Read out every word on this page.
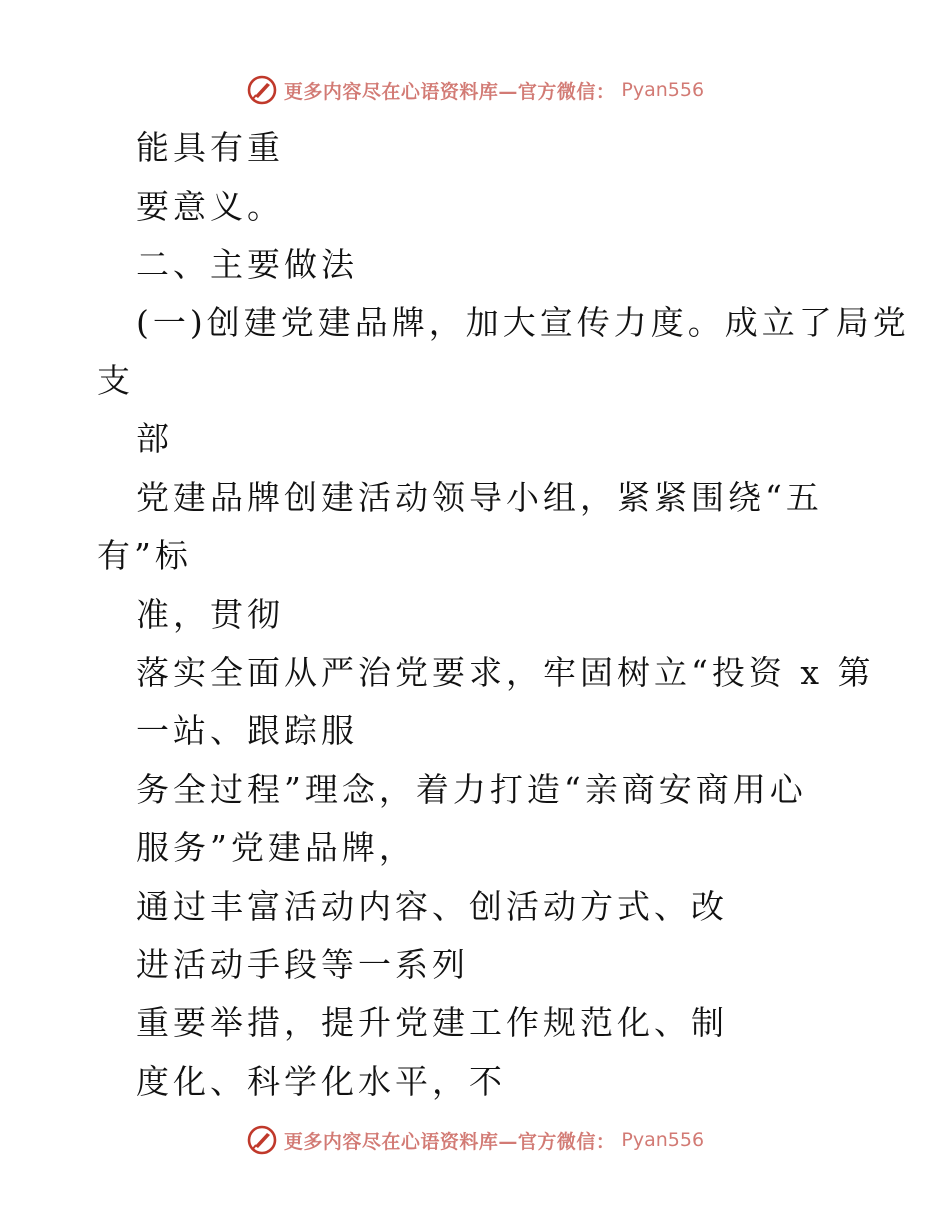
更多内容尽在心语资料库—官方微信： Pyan556
能具有重
要意义。
二、主要做法
(一)创建党建品牌，加大宣传力度。成立了局党
支
部
党建品牌创建活动领导小组，紧紧围绕“五
有”标
准，贯彻
落实全面从严治党要求，牢固树立“投资 x 第
一站、跟踪服
务全过程”理念，着力打造“亲商安商用心
服务”党建品牌，
通过丰富活动内容、创活动方式、改
进活动手段等一系列
重要举措，提升党建工作规范化、制
度化、科学化水平，不
更多内容尽在心语资料库—官方微信： Pyan556
